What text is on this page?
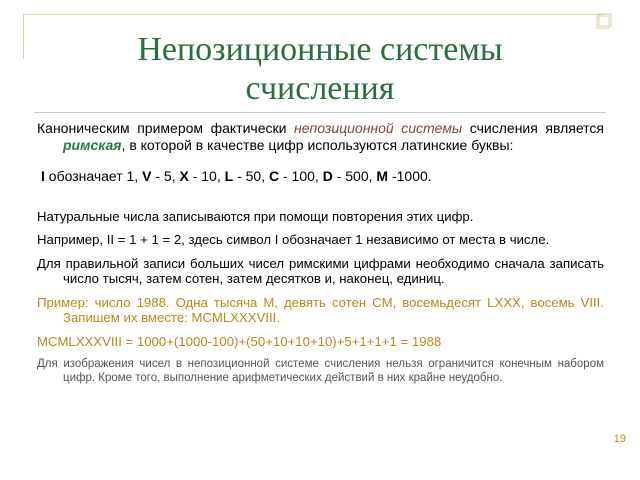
Непозиционные системы
счисления

Каноническим примером фактически непозиционной системы счисления является римская, в которой в качестве цифр используются латинские буквы:

I обозначает 1, V - 5, X - 10, L - 50, C - 100, D - 500, M -1000.

Натуральные числа записываются при помощи повторения этих цифр.

Например, II = 1 + 1 = 2, здесь символ I обозначает 1 независимо от места в числе.

Для правильной записи больших чисел римскими цифрами необходимо сначала записать число тысяч, затем сотен, затем десятков и, наконец, единиц.

Пример: число 1988. Одна тысяча М, девять сотен СМ, восемьдесят LXXX, восемь VIII. Запишем их вместе: МСМLXXXVIII.

МСМLXXXVIII = 1000+(1000-100)+(50+10+10+10)+5+1+1+1 = 1988

Для изображения чисел в непозиционной системе счисления нельзя ограничится конечным набором цифр. Кроме того, выполнение арифметических действий в них крайне неудобно.

19
